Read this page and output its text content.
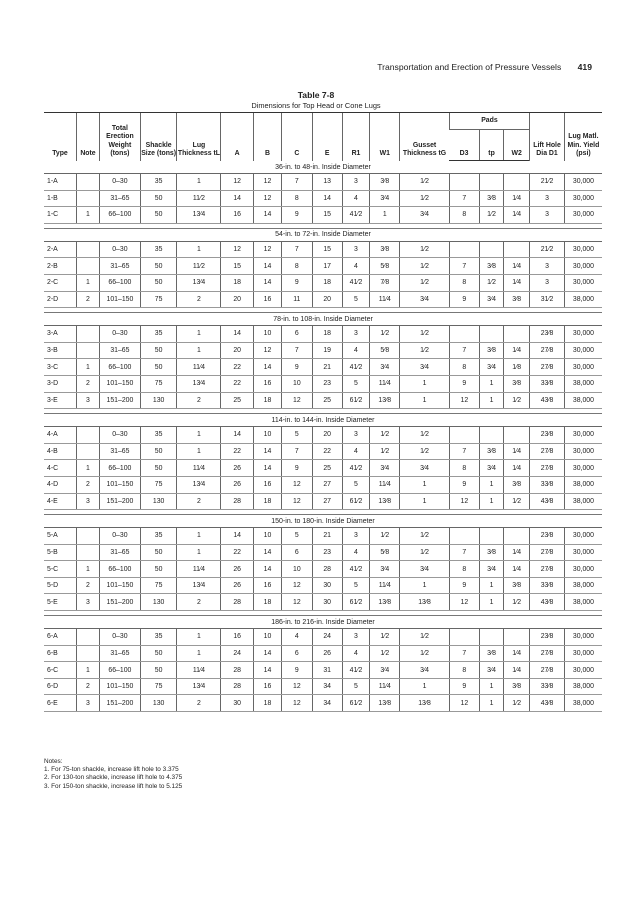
Transportation and Erection of Pressure Vessels 419
Table 7-8
Dimensions for Top Head or Cone Lugs
Type	Note	Total Erection Weight (tons)	Shackle Size (tons)	Lug Thickness tL	A	B	C	E	R1	W1	Gusset Thickness tG	Pads			Lift Hole Dia D1	Lug Matl. Min. Yield (psi)
												D3	tp	W2		
36-in. to 48-in. Inside Diameter																
1-A		0–30	35	1	12	12	7	13	3	3⁄8	1⁄2				21⁄2	30,000
1-B		31–65	50	11⁄2	14	12	8	14	4	3⁄4	1⁄2	7	3⁄8	1⁄4	3	30,000
1-C	1	66–100	50	13⁄4	16	14	9	15	41⁄2	1	3⁄4	8	1⁄2	1⁄4	3	30,000

54-in. to 72-in. Inside Diameter																
2-A		0–30	35	1	12	12	7	15	3	3⁄8	1⁄2				21⁄2	30,000
2-B		31–65	50	11⁄2	15	14	8	17	4	5⁄8	1⁄2	7	3⁄8	1⁄4	3	30,000
2-C	1	66–100	50	13⁄4	18	14	9	18	41⁄2	7⁄8	1⁄2	8	1⁄2	1⁄4	3	30,000
2-D	2	101–150	75	2	20	16	11	20	5	11⁄4	3⁄4	9	3⁄4	3⁄8	31⁄2	38,000

78-in. to 108-in. Inside Diameter																
3-A		0–30	35	1	14	10	6	18	3	1⁄2	1⁄2				23⁄8	30,000
3-B		31–65	50	1	20	12	7	19	4	5⁄8	1⁄2	7	3⁄8	1⁄4	27⁄8	30,000
3-C	1	66–100	50	11⁄4	22	14	9	21	41⁄2	3⁄4	3⁄4	8	3⁄4	1⁄8	27⁄8	30,000
3-D	2	101–150	75	13⁄4	22	16	10	23	5	11⁄4	1	9	1	3⁄8	33⁄8	38,000
3-E	3	151–200	130	2	25	18	12	25	61⁄2	13⁄8	1	12	1	1⁄2	43⁄8	38,000

114-in. to 144-in. Inside Diameter																
4-A		0–30	35	1	14	10	5	20	3	1⁄2	1⁄2				23⁄8	30,000
4-B		31–65	50	1	22	14	7	22	4	1⁄2	1⁄2	7	3⁄8	1⁄4	27⁄8	30,000
4-C	1	66–100	50	11⁄4	26	14	9	25	41⁄2	3⁄4	3⁄4	8	3⁄4	1⁄4	27⁄8	30,000
4-D	2	101–150	75	13⁄4	26	16	12	27	5	11⁄4	1	9	1	3⁄8	33⁄8	38,000
4-E	3	151–200	130	2	28	18	12	27	61⁄2	13⁄8	1	12	1	1⁄2	43⁄8	38,000

150-in. to 180-in. Inside Diameter																
5-A		0–30	35	1	14	10	5	21	3	1⁄2	1⁄2				23⁄8	30,000
5-B		31–65	50	1	22	14	6	23	4	5⁄8	1⁄2	7	3⁄8	1⁄4	27⁄8	30,000
5-C	1	66–100	50	11⁄4	26	14	10	28	41⁄2	3⁄4	3⁄4	8	3⁄4	1⁄4	27⁄8	30,000
5-D	2	101–150	75	13⁄4	26	16	12	30	5	11⁄4	1	9	1	3⁄8	33⁄8	38,000
5-E	3	151–200	130	2	28	18	12	30	61⁄2	13⁄8	13⁄8	12	1	1⁄2	43⁄8	38,000

186-in. to 216-in. Inside Diameter																
6-A		0–30	35	1	16	10	4	24	3	1⁄2	1⁄2				23⁄8	30,000
6-B		31–65	50	1	24	14	6	26	4	1⁄2	1⁄2	7	3⁄8	1⁄4	27⁄8	30,000
6-C	1	66–100	50	11⁄4	28	14	9	31	41⁄2	3⁄4	3⁄4	8	3⁄4	1⁄4	27⁄8	30,000
6-D	2	101–150	75	13⁄4	28	16	12	34	5	11⁄4	1	9	1	3⁄8	33⁄8	38,000
6-E	3	151–200	130	2	30	18	12	34	61⁄2	13⁄8	13⁄8	12	1	1⁄2	43⁄8	38,000
Notes:
1. For 75-ton shackle, increase lift hole to 3.375
2. For 130-ton shackle, increase lift hole to 4.375
3. For 150-ton shackle, increase lift hole to 5.125
